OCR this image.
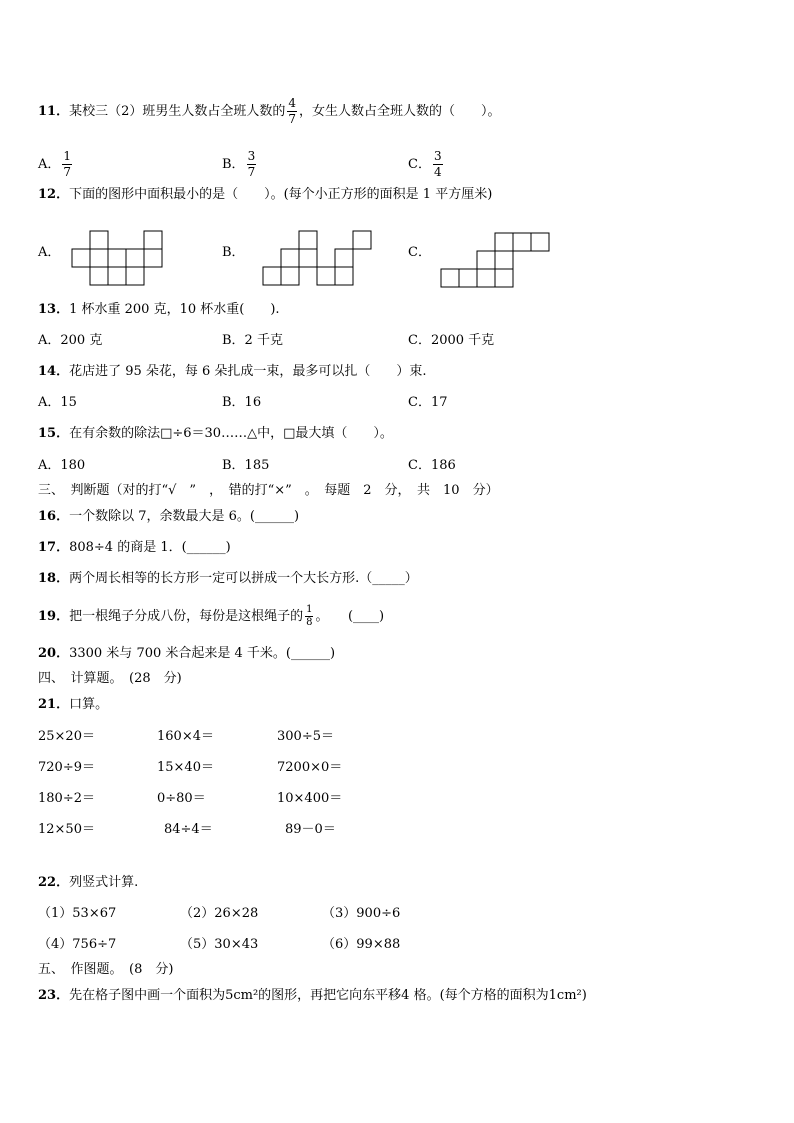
11．某校三（2）班男生人数占全班人数的 $\frac{4}{7}$ ，女生人数占全班人数的（　　）。
A． $\frac{1}{7}$	B． $\frac{3}{7}$	C． $\frac{3}{4}$
12．下面的图形中面积最小的是（　　）。(每个小正方形的面积是 1 平方厘米)
A．	B．	C．
13．1 杯水重 200 克，10 杯水重(　　).
A．200 克	B．2 千克	C．2000 千克
14．花店进了 95 朵花，每 6 朵扎成一束，最多可以扎（　　）束.
A．15	B．16	C．17
15．在有余数的除法□÷6＝30……△中，□最大填（　　）。
A．180	B．185	C．186
三、　判断题（对的打“√　”　，　错的打“×”　。　每题　2　分，　共　10　分）
16．一个数除以 7，余数最大是 6。(______)
17．808÷4 的商是 1．(______)
18．两个周长相等的长方形一定可以拼成一个大长方形.（_____）
19．把一根绳子分成八份，每份是这根绳子的 $\frac{1}{8}$ 。　　(____)
20．3300 米与 700 米合起来是 4 千米。(______)
四、　计算题。　(28　分)
21．口算。
25×20＝	160×4＝	300÷5＝
720÷9＝	15×40＝	7200×0＝
180÷2＝	0÷80＝	10×400＝
12×50＝	84÷4＝	89－0＝
22．列竖式计算.
（1）53×67	（2）26×28	（3）900÷6
（4）756÷7	（5）30×43	（6）99×88
五、　作图题。　(8　分)
23．先在格子图中画一个面积为5cm²的图形，再把它向东平移4 格。(每个方格的面积为1cm²)
